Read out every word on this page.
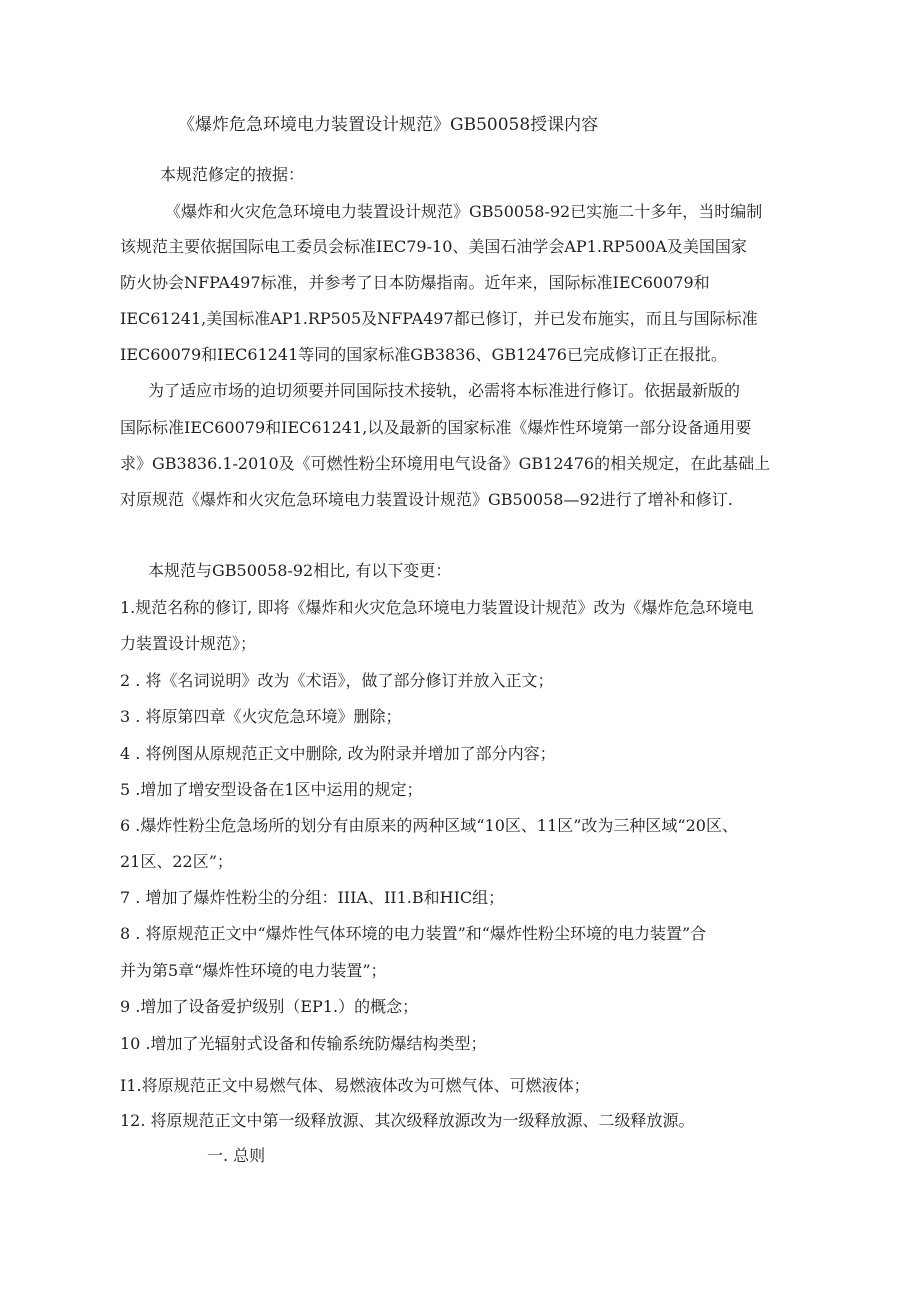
《爆炸危急环境电力装置设计规范》GB50058授课内容
本规范修定的掖据：
《爆炸和火灾危急环境电力装置设计规范》GB50058-92已实施二十多年，当时编制
该规范主要依据国际电工委员会标准IEC79-10、美国石油学会AP1.RP500A及美国国家
防火协会NFPA497标准，并参考了日本防爆指南。近年来，国际标准IEC60079和
IEC61241,美国标准AP1.RP505及NFPA497都已修订，并已发布施实，而且与国际标准
IEC60079和IEC61241等同的国家标准GB3836、GB12476已完成修订正在报批。
为了适应市场的迫切须要并同国际技术接轨，必需将本标准进行修订。依据最新版的
国际标准IEC60079和IEC61241,以及最新的国家标准《爆炸性环境第一部分设备通用要
求》GB3836.1-2010及《可燃性粉尘环境用电气设备》GB12476的相关规定，在此基础上
对原规范《爆炸和火灾危急环境电力装置设计规范》GB50058—92进行了增补和修订.
本规范与GB50058-92相比, 有以下变更：
1.规范名称的修订, 即将《爆炸和火灾危急环境电力装置设计规范》改为《爆炸危急环境电
力装置设计规范》；
2 . 将《名词说明》改为《术语》，做了部分修订并放入正文；
3 . 将原第四章《火灾危急环境》删除；
4 . 将例图从原规范正文中删除, 改为附录并增加了部分内容；
5 .增加了增安型设备在1区中运用的规定；
6 .爆炸性粉尘危急场所的划分有由原来的两种区域“10区、11区”改为三种区域“20区、
21区、22区”；
7 . 增加了爆炸性粉尘的分组：IIIA、II1.B和HIC组；
8 . 将原规范正文中“爆炸性气体环境的电力装置”和“爆炸性粉尘环境的电力装置”合
并为第5章“爆炸性环境的电力装置”；
9 .增加了设备爱护级别（EP1.）的概念；
10 .增加了光辐射式设备和传输系统防爆结构类型；
I1.将原规范正文中易燃气体、易燃液体改为可燃气体、可燃液体；
12. 将原规范正文中第一级释放源、其次级释放源改为一级释放源、二级释放源。
一. 总则
